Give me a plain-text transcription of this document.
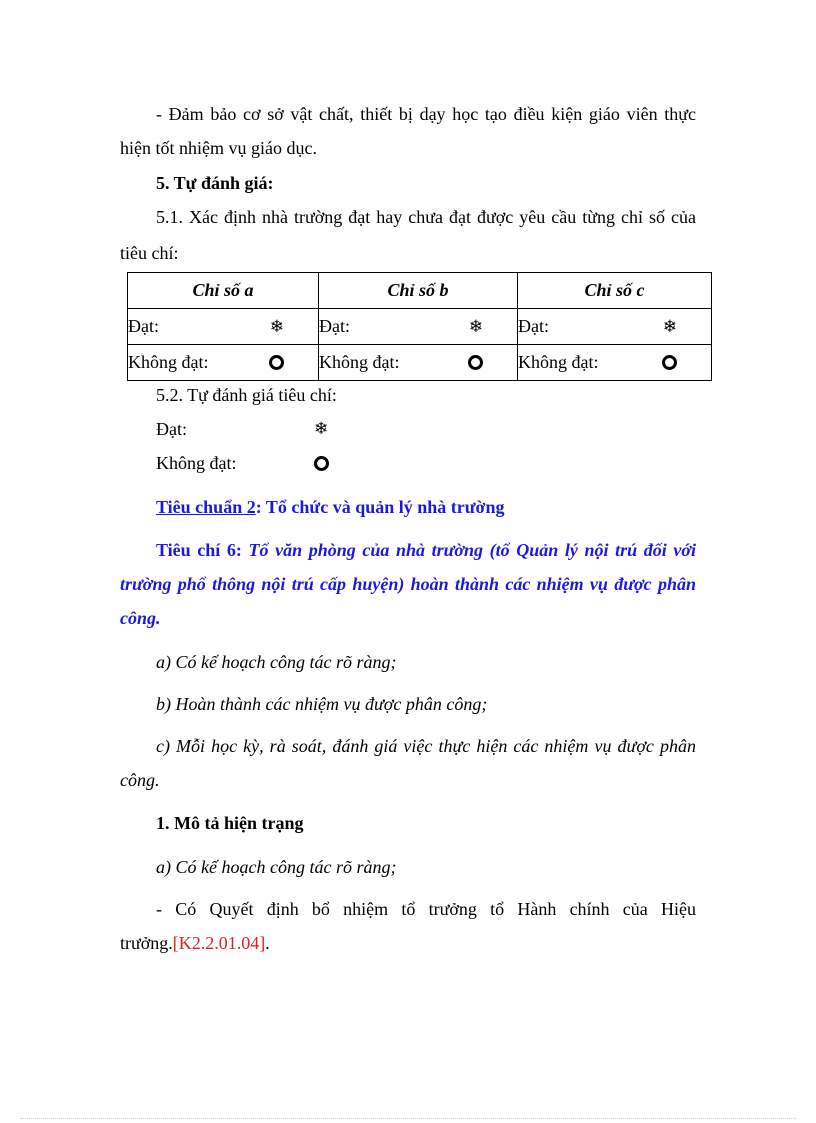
- Đảm bảo cơ sở vật chất, thiết bị dạy học tạo điều kiện giáo viên thực

hiện tốt nhiệm vụ giáo dục.

5. Tự đánh giá:

5.1. Xác định nhà trường đạt hay chưa đạt được yêu cầu từng chỉ số của

tiêu chí:

Chỉ số a	Chỉ số b	Chỉ số c

Đạt: ❄	Đạt: ❄	Đạt: ❄

Không đạt:	Không đạt:	Không đạt:

5.2. Tự đánh giá tiêu chí:

Đạt:	❄
Không đạt:

Tiêu chuẩn 2: Tổ chức và quản lý nhà trường

Tiêu chí 6: Tổ văn phòng của nhà trường (tổ Quản lý nội trú đối với

trường phổ thông nội trú cấp huyện) hoàn thành các nhiệm vụ được phân

công.

a) Có kế hoạch công tác rõ ràng;

b) Hoàn thành các nhiệm vụ được phân công;

c) Mỗi học kỳ, rà soát, đánh giá việc thực hiện các nhiệm vụ được phân

công.

1. Mô tả hiện trạng

a) Có kế hoạch công tác rõ ràng;

- Có Quyết định bổ nhiệm tổ trưởng tổ Hành chính của Hiệu

trưởng.[K2.2.01.04].
